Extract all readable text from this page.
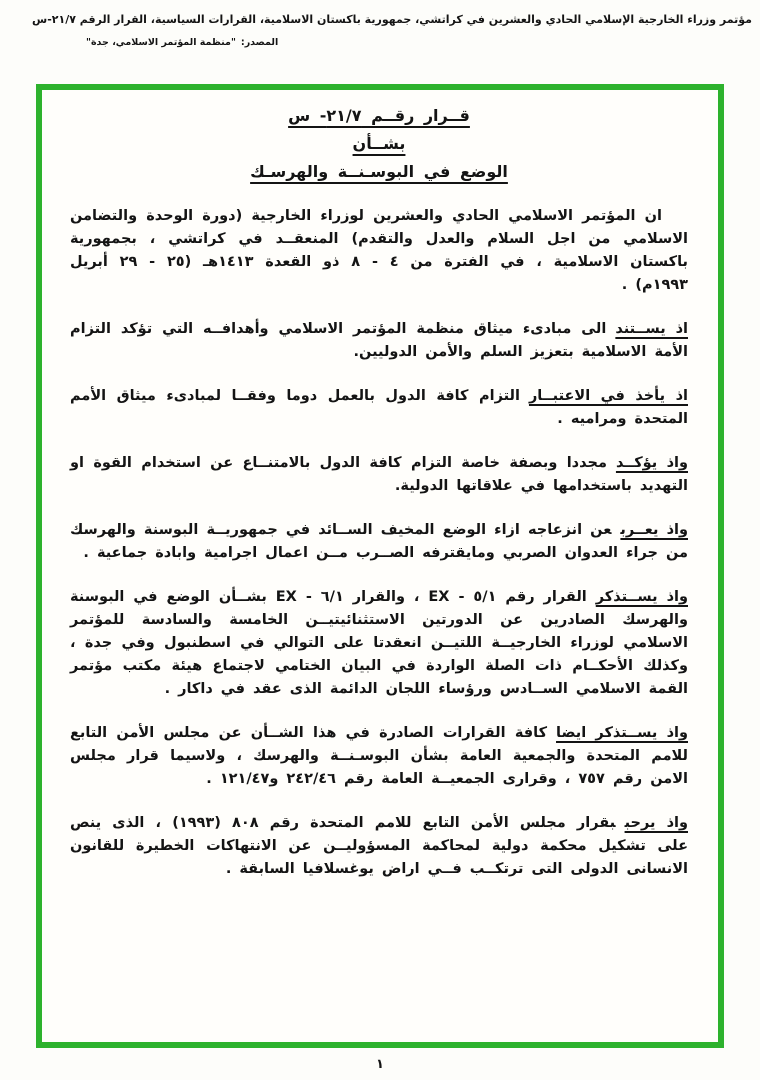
مؤتمر وزراء الخارجية الإسلامي الحادي والعشرين في كراتشي، جمهورية باكستان الاسلامية، القرارات السياسية، القرار الرقم ٢١/٧-س
المصدر:"منظمة المؤتمر الاسلامي، جدة"
قــرار رقــم ٢١/٧- س
بشــأن
الوضع في البوسـنــة والهرسـك

ان المؤتمر الاسلامي الحادي والعشرين لوزراء الخارجية (دورة الوحدة والتضامن الاسلامي من اجل السلام والعدل والتقدم) المنعقــد في كراتشي ، بجمهورية باكستان الاسلامية ، في الفترة من ٤ - ٨ ذو القعدة ١٤١٣هـ (٢٥ - ٢٩ أبريل ١٩٩٣م) .

اذ يســتندالى مبادىء ميثاق منظمة المؤتمر الاسلامي وأهدافــه التي تؤكد التزام الأمة الاسلامية بتعزيز السلم والأمن الدوليين.

اذ يأخذ في الاعتبــارالتزام كافة الدول بالعمل دوما وفقــا لمبادىء ميثاق الأمم المتحدة ومراميه .

واذ يؤكــدمجددا وبصفة خاصة التزام كافة الدول بالامتنــاع عن استخدام القوة او التهديد باستخدامها في علاقاتها الدولية.

واذ يعــربعن انزعاجه ازاء الوضع المخيف الســائد في جمهوريــة البوسنة والهرسك من جراء العدوان الصربي ومايقترفه الصــرب مــن اعمال اجرامية وابادة جماعية .

واذ يســتذكرالقرار رقم ٥/١ - EX ، والقرار ٦/١ - EX بشــأن الوضع في البوسنة والهرسك الصادرين عن الدورتين الاستثنائيتيــن الخامسة والسادسة للمؤتمر الاسلامي لوزراء الخارجيــة اللتيــن انعقدتا على التوالي في اسطنبول وفي جدة ، وكذلك الأحكــام ذات الصلة الواردة في البيان الختامي لاجتماع هيئة مكتب مؤتمر القمة الاسلامي الســادس ورؤساء اللجان الدائمة الذى عقد في داكار .

واذ يســتذكر ايضاكافة القرارات الصادرة في هذا الشــأن عن مجلس الأمن التابع للامم المتحدة والجمعية العامة بشأن البوسـنــة والهرسك ، ولاسيما قرار مجلس الامن رقم ٧٥٧ ، وقرارى الجمعيــة العامة رقم ٢٤٢/٤٦ و١٢١/٤٧ .

واذ يرحببقرار مجلس الأمن التابع للامم المتحدة رقم ٨٠٨ (١٩٩٣) ، الذى ينص على تشكيل محكمة دولية لمحاكمة المسؤوليــن عن الانتهاكات الخطيرة للقانون الانسانى الدولى التى ترتكــب فــي اراض يوغسلافيا السابقة .

١
